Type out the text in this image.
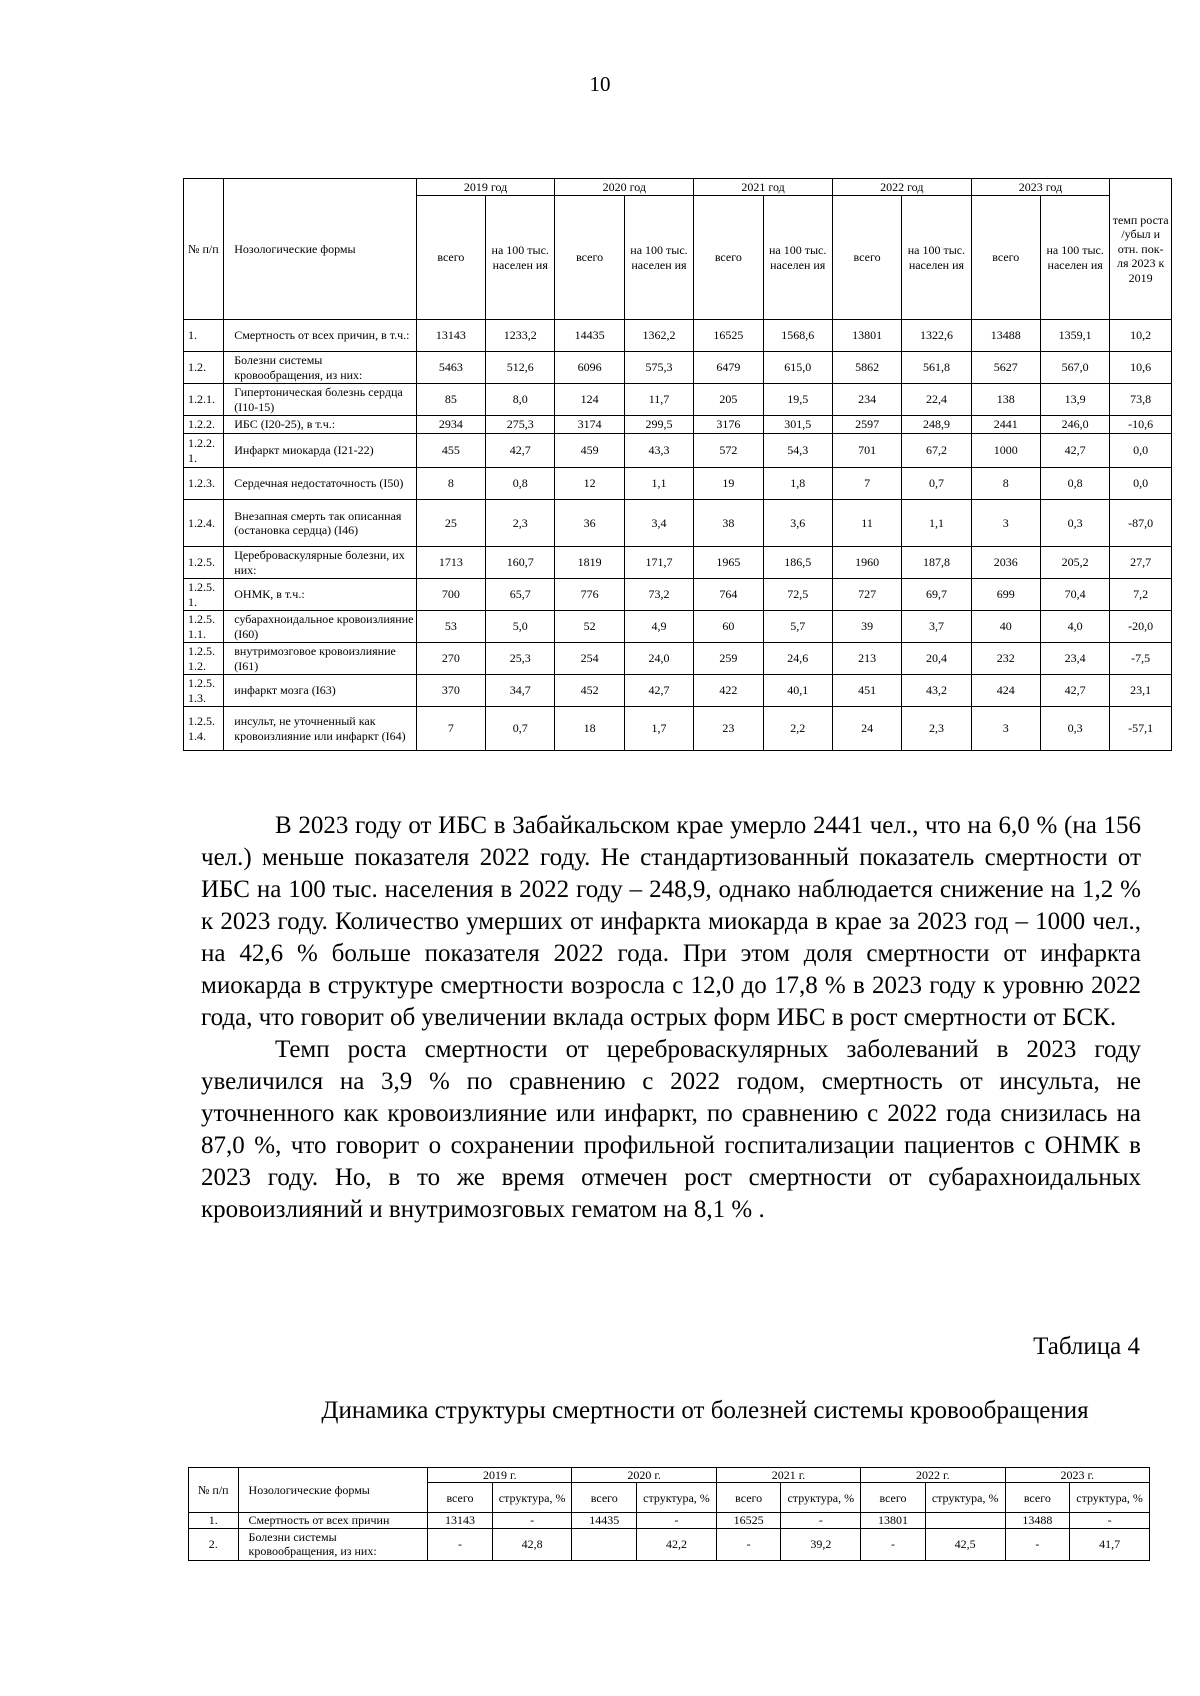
10
№ п/п	Нозологические формы	2019 год		2020 год		2021 год		2022 год		2023 год		темп роста /убыл и отн. пок-ля 2023 к 2019
		всего	на 100 тыс. населен ия	всего	на 100 тыс. населен ия	всего	на 100 тыс. населен ия	всего	на 100 тыс. населен ия	всего	на 100 тыс. населен ия	
1.	Смертность от всех причин, в т.ч.:	13143	1233,2	14435	1362,2	16525	1568,6	13801	1322,6	13488	1359,1	10,2
1.2.	Болезни системы кровообращения, из них:	5463	512,6	6096	575,3	6479	615,0	5862	561,8	5627	567,0	10,6
1.2.1.	Гипертоническая болезнь сердца (I10-15)	85	8,0	124	11,7	205	19,5	234	22,4	138	13,9	73,8
1.2.2.	ИБС (I20-25), в т.ч.:	2934	275,3	3174	299,5	3176	301,5	2597	248,9	2441	246,0	-10,6
1.2.2. 1.	Инфаркт миокарда (I21-22)	455	42,7	459	43,3	572	54,3	701	67,2	1000	42,7	0,0
1.2.3.	Сердечная недостаточность (I50)	8	0,8	12	1,1	19	1,8	7	0,7	8	0,8	0,0
1.2.4.	Внезапная смерть так описанная (остановка сердца) (I46)	25	2,3	36	3,4	38	3,6	11	1,1	3	0,3	-87,0
1.2.5.	Цереброваскулярные болезни, их них:	1713	160,7	1819	171,7	1965	186,5	1960	187,8	2036	205,2	27,7
1.2.5. 1.	ОНМК, в т.ч.:	700	65,7	776	73,2	764	72,5	727	69,7	699	70,4	7,2
1.2.5. 1.1.	субарахноидальное кровоизлияние (I60)	53	5,0	52	4,9	60	5,7	39	3,7	40	4,0	-20,0
1.2.5. 1.2.	внутримозговое кровоизлияние (I61)	270	25,3	254	24,0	259	24,6	213	20,4	232	23,4	-7,5
1.2.5. 1.3.	инфаркт мозга (I63)	370	34,7	452	42,7	422	40,1	451	43,2	424	42,7	23,1
1.2.5. 1.4.	инсульт, не уточненный как кровоизлияние или инфаркт (I64)	7	0,7	18	1,7	23	2,2	24	2,3	3	0,3	-57,1

В 2023 году от ИБС в Забайкальском крае умерло 2441 чел., что на 6,0 % (на 156 чел.) меньше показателя 2022 году. Не стандартизованный показатель смертности от ИБС на 100 тыс. населения в 2022 году – 248,9, однако наблюдается снижение на 1,2 % к 2023 году. Количество умерших от инфаркта миокарда в крае за 2023 год – 1000 чел., на 42,6 % больше показателя 2022 года. При этом доля смертности от инфаркта миокарда в структуре смертности возросла с 12,0 до 17,8 % в 2023 году к уровню 2022 года, что говорит об увеличении вклада острых форм ИБС в рост смертности от БСК.

Темп роста смертности от цереброваскулярных заболеваний в 2023 году увеличился на 3,9 % по сравнению с 2022 годом, смертность от инсульта, не уточненного как кровоизлияние или инфаркт, по сравнению с 2022 года снизилась на 87,0 %, что говорит о сохранении профильной госпитализации пациентов с ОНМК в 2023 году. Но, в то же время отмечен рост смертности от субарахноидальных кровоизлияний и внутримозговых гематом на 8,1 % .

Таблица 4
Динамика структуры смертности от болезней системы кровообращения
№ п/п	Нозологические формы	2019 г.		2020 г.		2021 г.		2022 г.		2023 г.	
		всего	структура, %	всего	структура, %	всего	структура, %	всего	структура, %	всего	структура, %
1.	Смертность от всех причин	13143	-	14435	-	16525	-	13801		13488	-
2.	Болезни системы кровообращения, из них:	-	42,8		42,2	-	39,2	-	42,5	-	41,7
